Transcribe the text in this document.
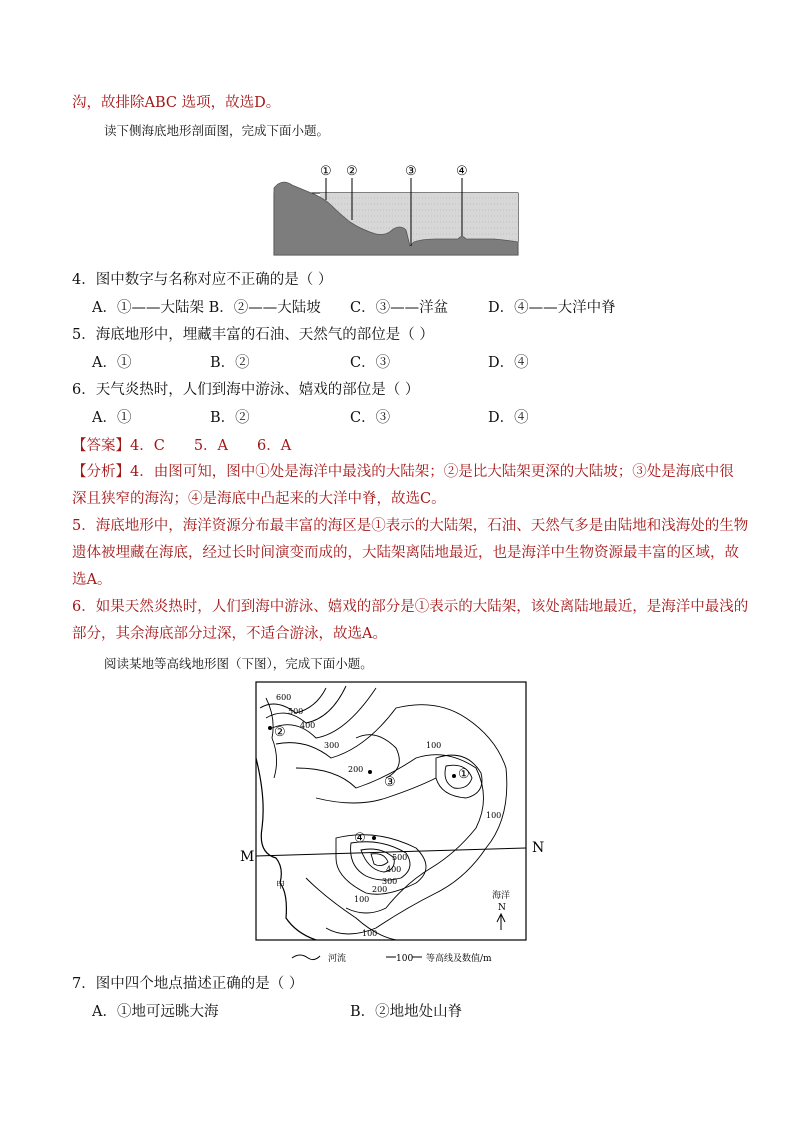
沟，故排除ABC 选项，故选D。
读下侧海底地形剖面图，完成下面小题。
① ②	③	④
4．图中数字与名称对应不正确的是（ ）
A．①——大陆架 B．②——大陆坡 C．③——洋盆	D．④——大洋中脊
5．海底地形中，埋藏丰富的石油、天然气的部位是（ ）
A．①	B．②	C．③	D．④
6．天气炎热时，人们到海中游泳、嬉戏的部位是（ ）
A．①	B．②	C．③	D．④
【答案】4．C　　5．A　　6．A
【分析】4．由图可知，图中①处是海洋中最浅的大陆架；②是比大陆架更深的大陆坡；③处是海底中很
深且狭窄的海沟；④是海底中凸起来的大洋中脊，故选C。
5．海底地形中，海洋资源分布最丰富的海区是①表示的大陆架，石油、天然气多是由陆地和浅海处的生物
遗体被埋藏在海底，经过长时间演变而成的，大陆架离陆地最近，也是海洋中生物资源最丰富的区域，故
选A。
6．如果天然炎热时，人们到海中游泳、嬉戏的部分是①表示的大陆架，该处离陆地最近，是海洋中最浅的
部分，其余海底部分过深，不适合游泳，故选A。
阅读某地等高线地形图（下图），完成下面小题。
M
N
甲
①
②
③
④
600
500
400
300
200
100
100
500
400
300
200
100
100
海洋
N
河流	100 等高线及数值/m
7．图中四个地点描述正确的是（ ）
A．①地可远眺大海	B．②地地处山脊
